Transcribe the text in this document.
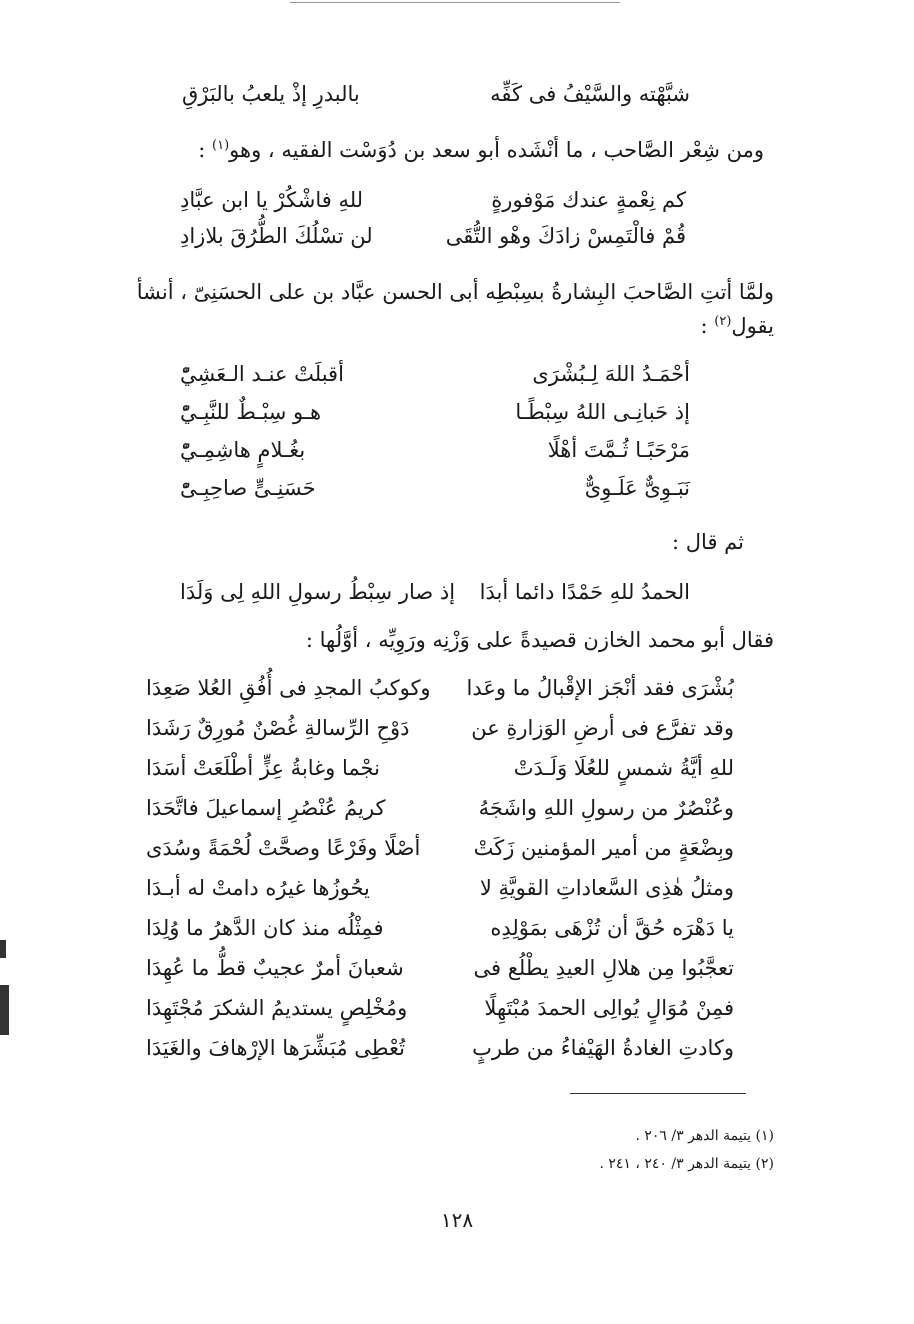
شبَّهْته والسَّيْفُ فى كَفِّه
بالبدرِ إذْ يلعبُ بالبَرْقِ
ومن شِعْر الصَّاحب ، ما أنْشَده أبو سعد بن دُوَسْت الفقيه ، وهو$^{(١)}$ :
كم نِعْمةٍ عندك مَوْفورةٍ
للهِ فاشْكُرْ يا ابن عبَّادِ
قُمْ فالْتَمِسْ زادَكَ وهْو التُّقَى
لن تسْلُكَ الطُّرُقَ بلازادِ
ولمَّا أتتِ الصَّاحبَ البِشارةُ بسِبْطِه أبى الحسن عبَّاد بن على الحسَنِىّ ، أنشأ
يقول$^{(٢)}$ :
أحْمَـدُ اللهَ لِـبُشْرَى
أقبلَتْ عنـد الـعَشِيّْ
إذ حَبانِـى اللهُ سِبْطًـا
هـو سِبْـطٌ للنَّبِـيّْ
مَرْحَبًـا ثُـمَّتَ أهْلًا
بغُـلامٍ هاشِمِـيّْ
نَبَـوِىٌّ عَلَـوِىٌّ
حَسَنِـىٍّ صاحِبِـىّْ
ثم قال :
الحمدُ للهِ حَمْدًا دائما أبدَا
إذ صار سِبْطُ رسولِ اللهِ لِى وَلَدَا
فقال أبو محمد الخازن قصيدةً على وَزْنِه ورَوِيِّه ، أوَّلُها :
بُشْرَى فقد أنْجَز الإقْبالُ ما وعَدا
وكوكبُ المجدِ فى أُفُقِ العُلا صَعِدَا
وقد تفرَّع فى أرضِ الوَزارةِ عن
دَوْحِ الرِّسالةِ غُصْنٌ مُورِقٌ رَشَدَا
للهِ أيَّةُ شمسٍ للعُلَا وَلَـدَتْ
نجْما وغابةُ عِزٍّ أطْلَعَتْ أسَدَا
وعُنْصُرٌ من رسولِ اللهِ واشَجَهُ
كريمُ عُنْصُرِ إسماعيلَ فاتَّحَدَا
وبِضْعَةٍ من أمير المؤمنين زَكَتْ
أصْلًا وفَرْعًا وصحَّتْ لُحْمَةً وسُدَى
ومثلُ هٰذِى السَّعاداتِ القويَّةِ لا
يحُوزُها غيرُه دامتْ له أبـدَا
يا دَهْرَه حُقَّ أن تُزْهَى بمَوْلِدِه
فمِثْلُه منذ كان الدَّهرُ ما وُلِدَا
تعجَّبُوا مِن هلالِ العيدِ يطْلُع فى
شعبانَ أمرٌ عجيبٌ قطُّ ما عُهِدَا
فمِنْ مُوَالٍ يُوالِى الحمدَ مُبْتَهِلًا
ومُخْلِصٍ يستديمُ الشكرَ مُجْتَهِدَا
وكادتِ الغادةُ الهَيْفاءُ من طربٍ
تُعْطِى مُبَشِّرَها الإرْهافَ والغَيَدَا
(١) يتيمة الدهر ٣/ ٢٠٦ .
(٢) يتيمة الدهر ٣/ ٢٤٠ ، ٢٤١ .
١٢٨
